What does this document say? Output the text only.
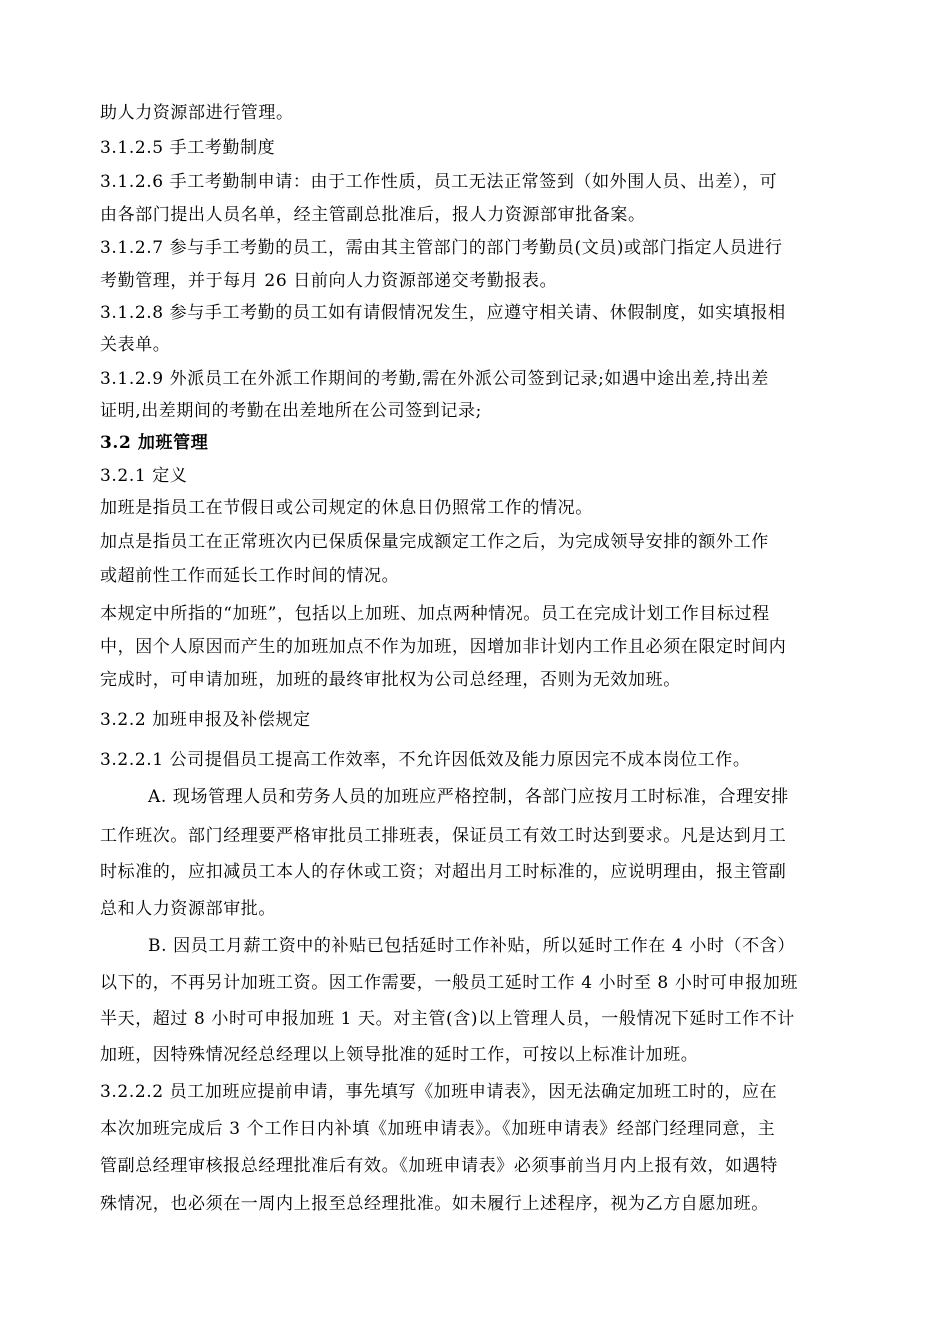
助人力资源部进行管理。
3.1.2.5 手工考勤制度
3.1.2.6 手工考勤制申请：由于工作性质，员工无法正常签到（如外围人员、出差），可
由各部门提出人员名单，经主管副总批准后，报人力资源部审批备案。
3.1.2.7 参与手工考勤的员工，需由其主管部门的部门考勤员(文员)或部门指定人员进行
考勤管理，并于每月 26 日前向人力资源部递交考勤报表。
3.1.2.8 参与手工考勤的员工如有请假情况发生，应遵守相关请、休假制度，如实填报相
关表单。
3.1.2.9 外派员工在外派工作期间的考勤,需在外派公司签到记录;如遇中途出差,持出差
证明,出差期间的考勤在出差地所在公司签到记录;
3.2 加班管理
3.2.1 定义
加班是指员工在节假日或公司规定的休息日仍照常工作的情况。
加点是指员工在正常班次内已保质保量完成额定工作之后，为完成领导安排的额外工作
或超前性工作而延长工作时间的情况。
本规定中所指的“加班”，包括以上加班、加点两种情况。员工在完成计划工作目标过程
中，因个人原因而产生的加班加点不作为加班，因增加非计划内工作且必须在限定时间内
完成时，可申请加班，加班的最终审批权为公司总经理，否则为无效加班。
3.2.2 加班申报及补偿规定
3.2.2.1 公司提倡员工提高工作效率，不允许因低效及能力原因完不成本岗位工作。
A. 现场管理人员和劳务人员的加班应严格控制，各部门应按月工时标准，合理安排
工作班次。部门经理要严格审批员工排班表，保证员工有效工时达到要求。凡是达到月工
时标准的，应扣减员工本人的存休或工资；对超出月工时标准的，应说明理由，报主管副
总和人力资源部审批。
B. 因员工月薪工资中的补贴已包括延时工作补贴，所以延时工作在 4 小时（不含）
以下的，不再另计加班工资。因工作需要，一般员工延时工作 4 小时至 8 小时可申报加班
半天，超过 8 小时可申报加班 1 天。对主管(含)以上管理人员，一般情况下延时工作不计
加班，因特殊情况经总经理以上领导批准的延时工作，可按以上标准计加班。
3.2.2.2 员工加班应提前申请，事先填写《加班申请表》，因无法确定加班工时的，应在
本次加班完成后 3 个工作日内补填《加班申请表》。《加班申请表》经部门经理同意，主
管副总经理审核报总经理批准后有效。《加班申请表》必须事前当月内上报有效，如遇特
殊情况，也必须在一周内上报至总经理批准。如未履行上述程序，视为乙方自愿加班。
